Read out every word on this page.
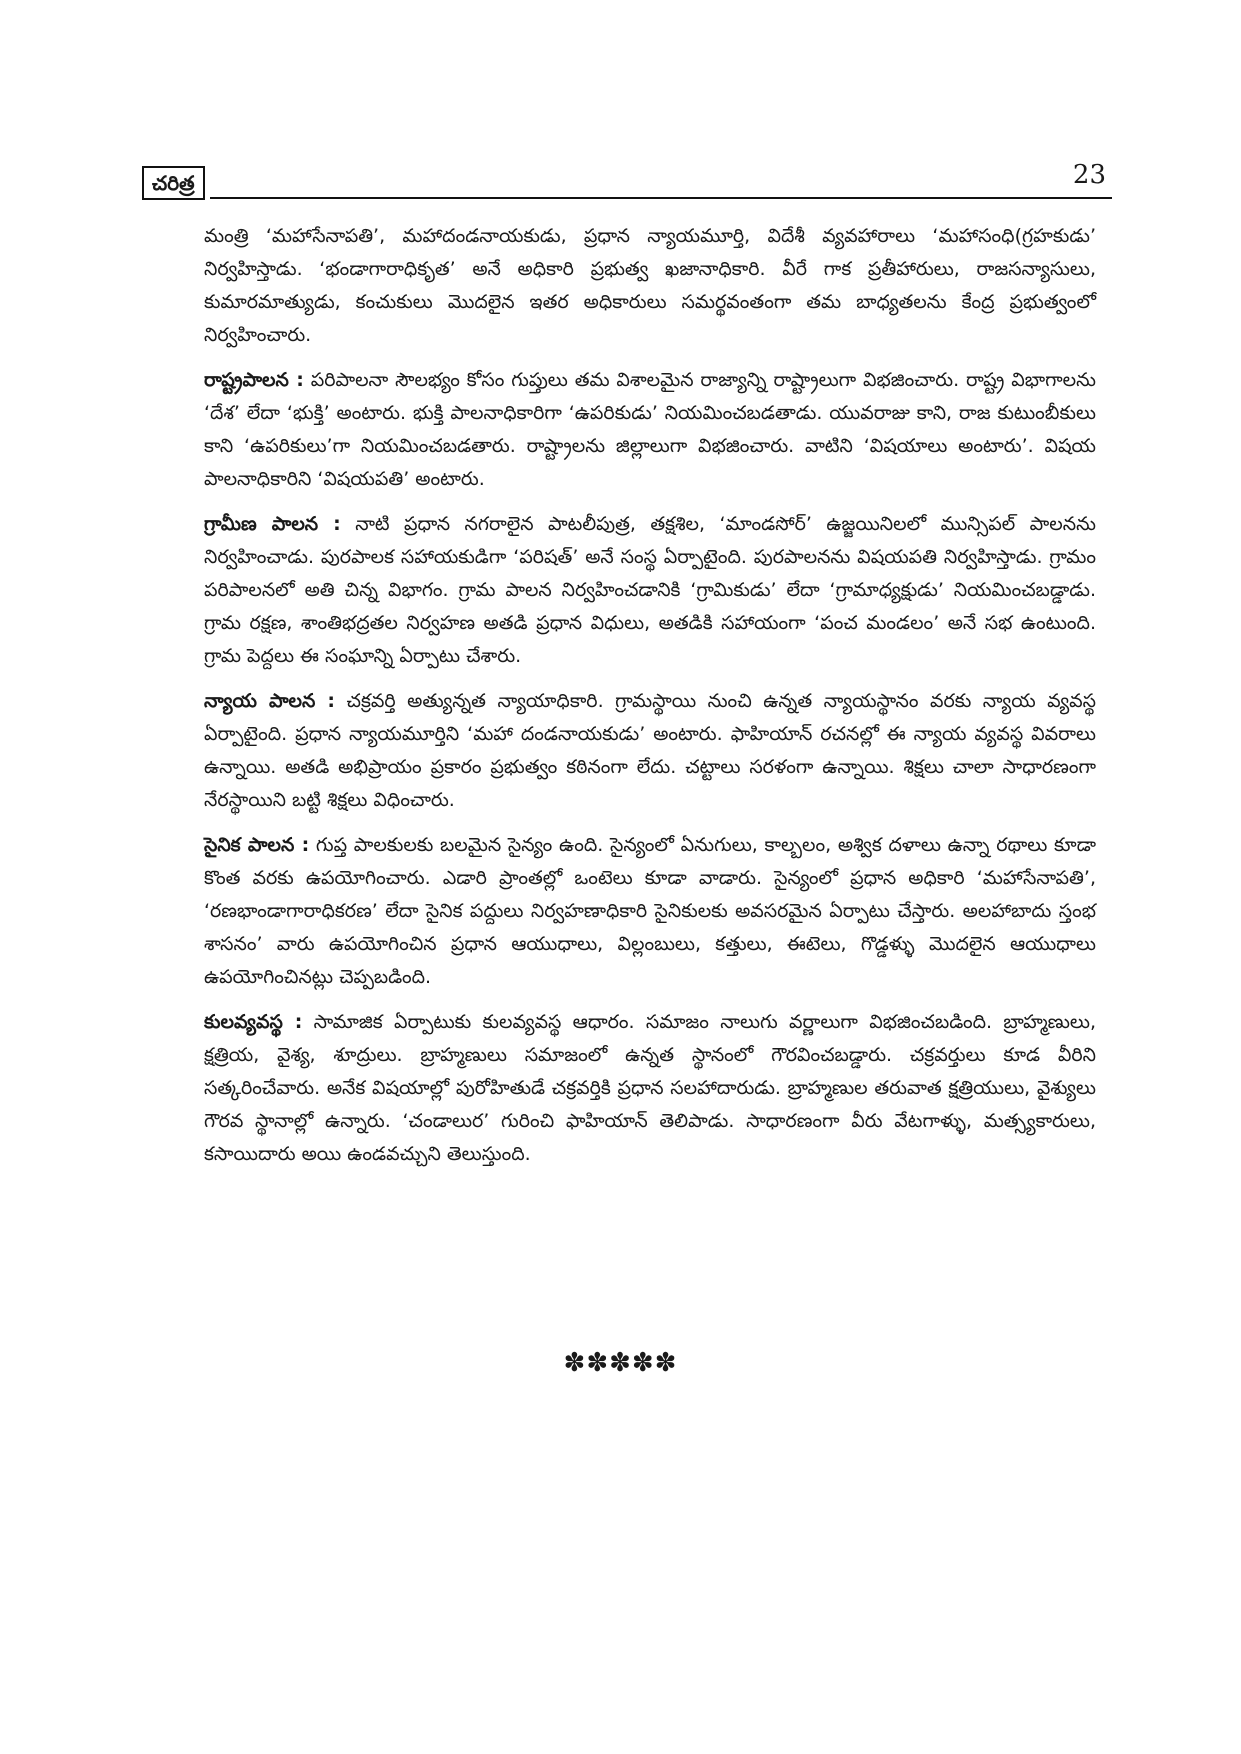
చరిత్ర	23

మంత్రి ‘మహాసేనాపతి’, మహాదండనాయకుడు, ప్రధాన న్యాయమూర్తి, విదేశీ వ్యవహారాలు ‘మహాసంధి(గ్రహకుడు’ నిర్వహిస్తాడు. ‘భండాగారాధికృత’ అనే అధికారి ప్రభుత్వ ఖజానాధికారి. వీరే గాక ప్రతీహారులు, రాజసన్యాసులు, కుమారమాత్యుడు, కంచుకులు మొదలైన ఇతర అధికారులు సమర్థవంతంగా తమ బాధ్యతలను కేంద్ర ప్రభుత్వంలో నిర్వహించారు.

రాష్ట్రపాలన : పరిపాలనా సౌలభ్యం కోసం గుప్తులు తమ విశాలమైన రాజ్యాన్ని రాష్ట్రాలుగా విభజించారు. రాష్ట్ర విభాగాలను ‘దేశ’ లేదా ‘భుక్తి’ అంటారు. భుక్తి పాలనాధికారిగా ‘ఉపరికుడు’ నియమించబడతాడు. యువరాజు కాని, రాజ కుటుంబీకులు కాని ‘ఉపరికులు’గా నియమించబడతారు. రాష్ట్రాలను జిల్లాలుగా విభజించారు. వాటిని ‘విషయాలు అంటారు’. విషయ పాలనాధికారిని ‘విషయపతి’ అంటారు.

గ్రామీణ పాలన : నాటి ప్రధాన నగరాలైన పాటలీపుత్ర, తక్షశిల, ‘మాండసోర్’ ఉజ్జయినిలలో మున్సిపల్ పాలనను నిర్వహించాడు. పురపాలక సహాయకుడిగా ‘పరిషత్’ అనే సంస్థ ఏర్పాటైంది. పురపాలనను విషయపతి నిర్వహిస్తాడు. గ్రామం పరిపాలనలో అతి చిన్న విభాగం. గ్రామ పాలన నిర్వహించడానికి ‘గ్రామికుడు’ లేదా ‘గ్రామాధ్యక్షుడు’ నియమించబడ్డాడు. గ్రామ రక్షణ, శాంతిభద్రతల నిర్వహణ అతడి ప్రధాన విధులు, అతడికి సహాయంగా ‘పంచ మండలం’ అనే సభ ఉంటుంది. గ్రామ పెద్దలు ఈ సంఘాన్ని ఏర్పాటు చేశారు.

న్యాయ పాలన : చక్రవర్తి అత్యున్నత న్యాయాధికారి. గ్రామస్థాయి నుంచి ఉన్నత న్యాయస్థానం వరకు న్యాయ వ్యవస్థ ఏర్పాటైంది. ప్రధాన న్యాయమూర్తిని ‘మహా దండనాయకుడు’ అంటారు. ఫాహియాన్ రచనల్లో ఈ న్యాయ వ్యవస్థ వివరాలు ఉన్నాయి. అతడి అభిప్రాయం ప్రకారం ప్రభుత్వం కఠినంగా లేదు. చట్టాలు సరళంగా ఉన్నాయి. శిక్షలు చాలా సాధారణంగా నేరస్థాయిని బట్టి శిక్షలు విధించారు.

సైనిక పాలన : గుప్త పాలకులకు బలమైన సైన్యం ఉంది. సైన్యంలో ఏనుగులు, కాల్బలం, అశ్విక దళాలు ఉన్నా రథాలు కూడా కొంత వరకు ఉపయోగించారు. ఎడారి ప్రాంతల్లో ఒంటెలు కూడా వాడారు. సైన్యంలో ప్రధాన అధికారి ‘మహాసేనాపతి’, ‘రణభాండాగారాధికరణ’ లేదా సైనిక పద్దులు నిర్వహణాధికారి సైనికులకు అవసరమైన ఏర్పాటు చేస్తారు. అలహాబాదు స్తంభ శాసనం’ వారు ఉపయోగించిన ప్రధాన ఆయుధాలు, విల్లంబులు, కత్తులు, ఈటెలు, గొడ్డళ్ళు మొదలైన ఆయుధాలు ఉపయోగించినట్లు చెప్పబడింది.

కులవ్యవస్థ : సామాజిక ఏర్పాటుకు కులవ్యవస్థ ఆధారం. సమాజం నాలుగు వర్ణాలుగా విభజించబడింది. బ్రాహ్మణులు, క్షత్రియ, వైశ్య, శూద్రులు. బ్రాహ్మణులు సమాజంలో ఉన్నత స్థానంలో గౌరవించబడ్డారు. చక్రవర్తులు కూడ వీరిని సత్కరించేవారు. అనేక విషయాల్లో పురోహితుడే చక్రవర్తికి ప్రధాన సలహాదారుడు. బ్రాహ్మణుల తరువాత క్షత్రియులు, వైశ్యులు గౌరవ స్థానాల్లో ఉన్నారు. ‘చండాలుర’ గురించి ఫాహియాన్ తెలిపాడు. సాధారణంగా వీరు వేటగాళ్ళు, మత్స్యకారులు, కసాయిదారు అయి ఉండవచ్చుని తెలుస్తుంది.

✽✽✽✽✽
